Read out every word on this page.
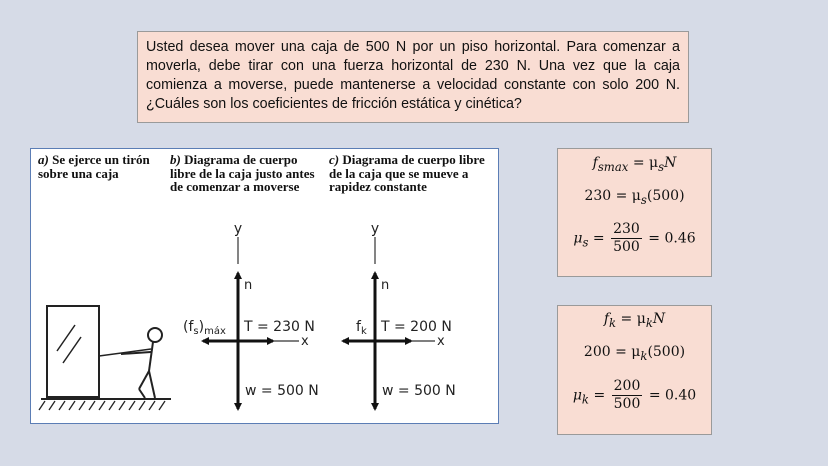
Usted desea mover una caja de 500 N por un piso horizontal. Para comenzar a moverla, debe tirar con una fuerza horizontal de 230 N. Una vez que la caja comienza a moverse, puede mantenerse a velocidad constante con solo 200 N. ¿Cuáles son los coeficientes de fricción estática y cinética?
a) Se ejerce un tirón sobre una caja
b) Diagrama de cuerpo libre de la caja justo antes de comenzar a moverse
c) Diagrama de cuerpo libre de la caja que se mueve a rapidez constante
y
n
w = 500 N
x
$(f_s)_{máx}$ T = 230 N
y
n
w = 500 N
x
$f_k$ T = 200 N
$f_{smax} = \mu_sN$
$230 = \mu_s(500)$
$\mu_s = \frac{230}{500} = 0.46$
$f_k = \mu_kN$
$200 = \mu_k(500)$
$\mu_k = \frac{200}{500} = 0.40$
